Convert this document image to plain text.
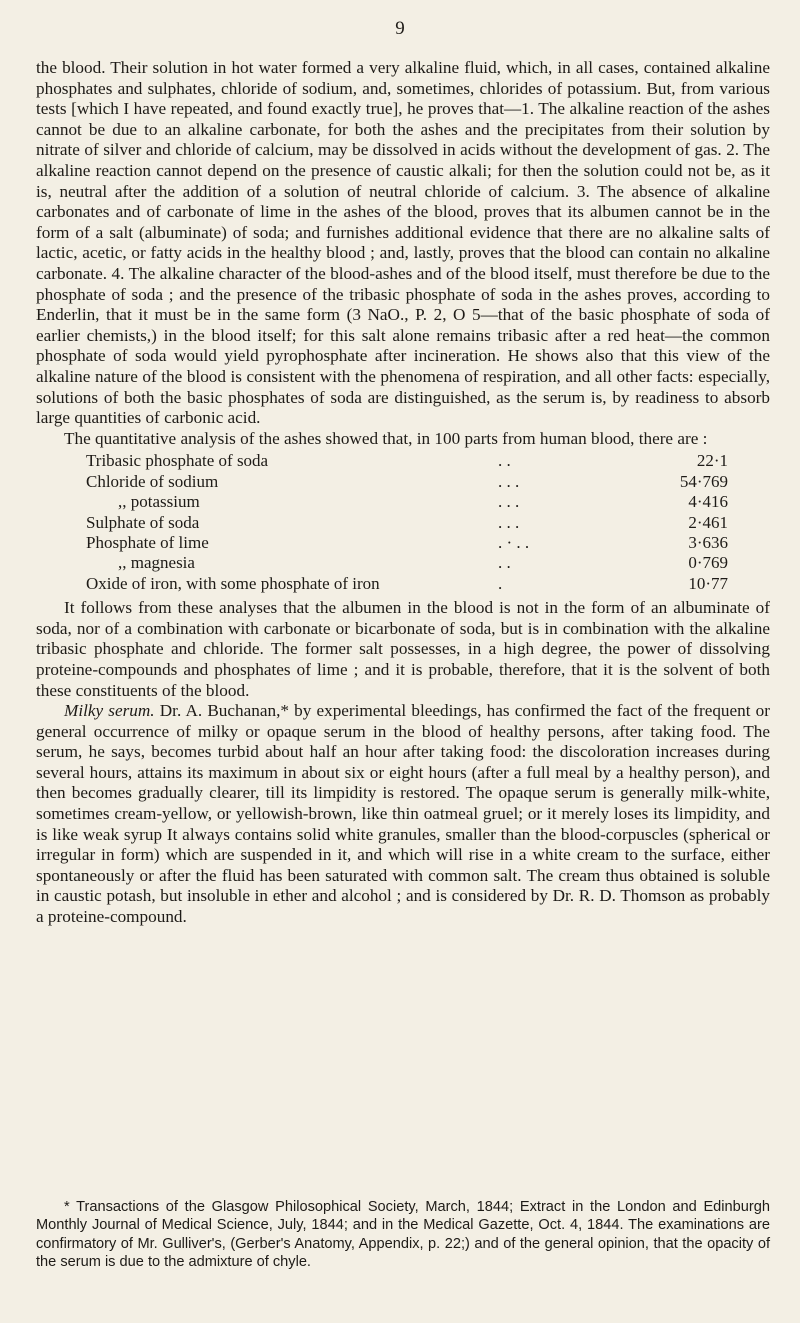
9

the blood. Their solution in hot water formed a very alkaline fluid, which, in all cases, contained alkaline phosphates and sulphates, chloride of sodium, and, sometimes, chlorides of potassium. But, from various tests [which I have repeated, and found exactly true], he proves that—1. The alkaline reaction of the ashes cannot be due to an alkaline carbonate, for both the ashes and the precipitates from their solution by nitrate of silver and chloride of calcium, may be dissolved in acids without the development of gas. 2. The alkaline reaction cannot depend on the presence of caustic alkali; for then the solution could not be, as it is, neutral after the addition of a solution of neutral chloride of calcium. 3. The absence of alkaline carbonates and of carbonate of lime in the ashes of the blood, proves that its albumen cannot be in the form of a salt (albuminate) of soda; and furnishes additional evidence that there are no alkaline salts of lactic, acetic, or fatty acids in the healthy blood ; and, lastly, proves that the blood can contain no alkaline carbonate. 4. The alkaline character of the blood-ashes and of the blood itself, must therefore be due to the phosphate of soda ; and the presence of the tribasic phosphate of soda in the ashes proves, according to Enderlin, that it must be in the same form (3 NaO., P. 2, O 5—that of the basic phosphate of soda of earlier chemists,) in the blood itself; for this salt alone remains tribasic after a red heat—the common phosphate of soda would yield pyrophosphate after incineration. He shows also that this view of the alkaline nature of the blood is consistent with the phenomena of respiration, and all other facts: especially, solutions of both the basic phosphates of soda are distinguished, as the serum is, by readiness to absorb large quantities of carbonic acid.

The quantitative analysis of the ashes showed that, in 100 parts from human blood, there are :

Tribasic phosphate of soda	. .	22·1
Chloride of sodium	. . .	54·769
,, potassium	. . .	4·416
Sulphate of soda	. . .	2·461
Phosphate of lime	. · . .	3·636
,, magnesia	. .	0·769
Oxide of iron, with some phosphate of iron	.	10·77

It follows from these analyses that the albumen in the blood is not in the form of an albuminate of soda, nor of a combination with carbonate or bicarbonate of soda, but is in combination with the alkaline tribasic phosphate and chloride. The former salt possesses, in a high degree, the power of dissolving proteine-compounds and phosphates of lime ; and it is probable, therefore, that it is the solvent of both these constituents of the blood.

Milky serum. Dr. A. Buchanan,* by experimental bleedings, has confirmed the fact of the frequent or general occurrence of milky or opaque serum in the blood of healthy persons, after taking food. The serum, he says, becomes turbid about half an hour after taking food: the discoloration increases during several hours, attains its maximum in about six or eight hours (after a full meal by a healthy person), and then becomes gradually clearer, till its limpidity is restored. The opaque serum is generally milk-white, sometimes cream-yellow, or yellowish-brown, like thin oatmeal gruel; or it merely loses its limpidity, and is like weak syrup It always contains solid white granules, smaller than the blood-corpuscles (spherical or irregular in form) which are suspended in it, and which will rise in a white cream to the surface, either spontaneously or after the fluid has been saturated with common salt. The cream thus obtained is soluble in caustic potash, but insoluble in ether and alcohol ; and is considered by Dr. R. D. Thomson as probably a proteine-compound.

* Transactions of the Glasgow Philosophical Society, March, 1844; Extract in the London and Edinburgh Monthly Journal of Medical Science, July, 1844; and in the Medical Gazette, Oct. 4, 1844. The examinations are confirmatory of Mr. Gulliver's, (Gerber's Anatomy, Appendix, p. 22;) and of the general opinion, that the opacity of the serum is due to the admixture of chyle.
